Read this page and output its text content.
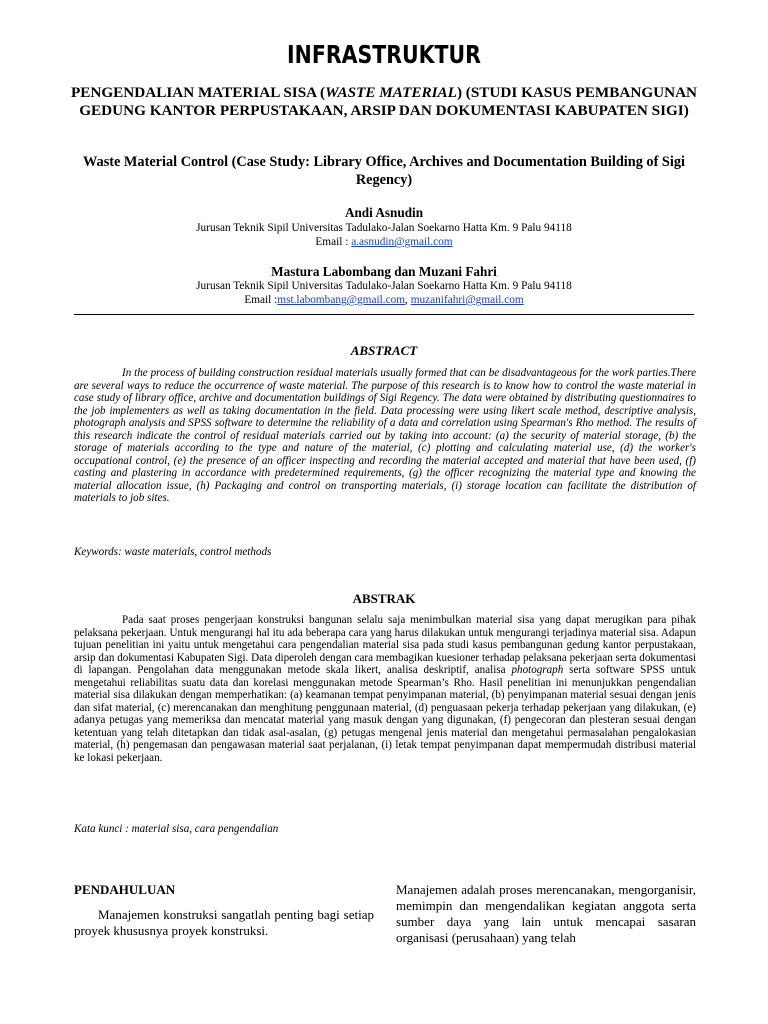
INFRASTRUKTUR
PENGENDALIAN MATERIAL SISA (WASTE MATERIAL) (STUDI KASUS PEMBANGUNAN GEDUNG KANTOR PERPUSTAKAAN, ARSIP DAN DOKUMENTASI KABUPATEN SIGI)
Waste Material Control (Case Study: Library Office, Archives and Documentation Building of Sigi Regency)
Andi Asnudin
Jurusan Teknik Sipil Universitas Tadulako-Jalan Soekarno Hatta Km. 9 Palu 94118
Email : a.asnudin@gmail.com
Mastura Labombang dan Muzani Fahri
Jurusan Teknik Sipil Universitas Tadulako-Jalan Soekarno Hatta Km. 9 Palu 94118
Email :mst.labombang@gmail.com, muzanifahri@gmail.com
ABSTRACT

In the process of building construction residual materials usually formed that can be disadvantageous for the work parties.There are several ways to reduce the occurrence of waste material. The purpose of this research is to know how to control the waste material in case study of library office, archive and documentation buildings of Sigi Regency. The data were obtained by distributing questionnaires to the job implementers as well as taking documentation in the field. Data processing were using likert scale method, descriptive analysis, photograph analysis and SPSS software to determine the reliability of a data and correlation using Spearman's Rho method. The results of this research indicate the control of residual materials carried out by taking into account: (a) the security of material storage, (b) the storage of materials according to the type and nature of the material, (c) plotting and calculating material use, (d) the worker's occupational control, (e) the presence of an officer inspecting and recording the material accepted and material that have been used, (f) casting and plastering in accordance with predetermined requirements, (g) the officer recognizing the material type and knowing the material allocation issue, (h) Packaging and control on transporting materials, (i) storage location can facilitate the distribution of materials to job sites.

Keywords: waste materials, control methods
ABSTRAK

Pada saat proses pengerjaan konstruksi bangunan selalu saja menimbulkan material sisa yang dapat merugikan para pihak pelaksana pekerjaan. Untuk mengurangi hal itu ada beberapa cara yang harus dilakukan untuk mengurangi terjadinya material sisa. Adapun tujuan penelitian ini yaitu untuk mengetahui cara pengendalian material sisa pada studi kasus pembangunan gedung kantor perpustakaan, arsip dan dokumentasi Kabupaten Sigi. Data diperoleh dengan cara membagikan kuesioner terhadap pelaksana pekerjaan serta dokumentasi di lapangan. Pengolahan data menggunakan metode skala likert, analisa deskriptif, analisa photograph serta software SPSS untuk mengetahui reliabilitas suatu data dan korelasi menggunakan metode Spearman’s Rho. Hasil penelitian ini menunjukkan pengendalian material sisa dilakukan dengan memperhatikan: (a) keamanan tempat penyimpanan material, (b) penyimpanan material sesuai dengan jenis dan sifat material, (c) merencanakan dan menghitung penggunaan material, (d) penguasaan pekerja terhadap pekerjaan yang dilakukan, (e) adanya petugas yang memeriksa dan mencatat material yang masuk dengan yang digunakan, (f) pengecoran dan plesteran sesuai dengan ketentuan yang telah ditetapkan dan tidak asal-asalan, (g) petugas mengenal jenis material dan mengetahui permasalahan pengalokasian material, (h) pengemasan dan pengawasan material saat perjalanan, (i) letak tempat penyimpanan dapat mempermudah distribusi material ke lokasi pekerjaan.

Kata kunci : material sisa, cara pengendalian
PENDAHULUAN

Manajemen konstruksi sangatlah penting bagi setiap proyek khususnya proyek konstruksi.

Manajemen adalah proses merencanakan, mengorganisir, memimpin dan mengendalikan kegiatan anggota serta sumber daya yang lain untuk mencapai sasaran organisasi (perusahaan) yang telah
